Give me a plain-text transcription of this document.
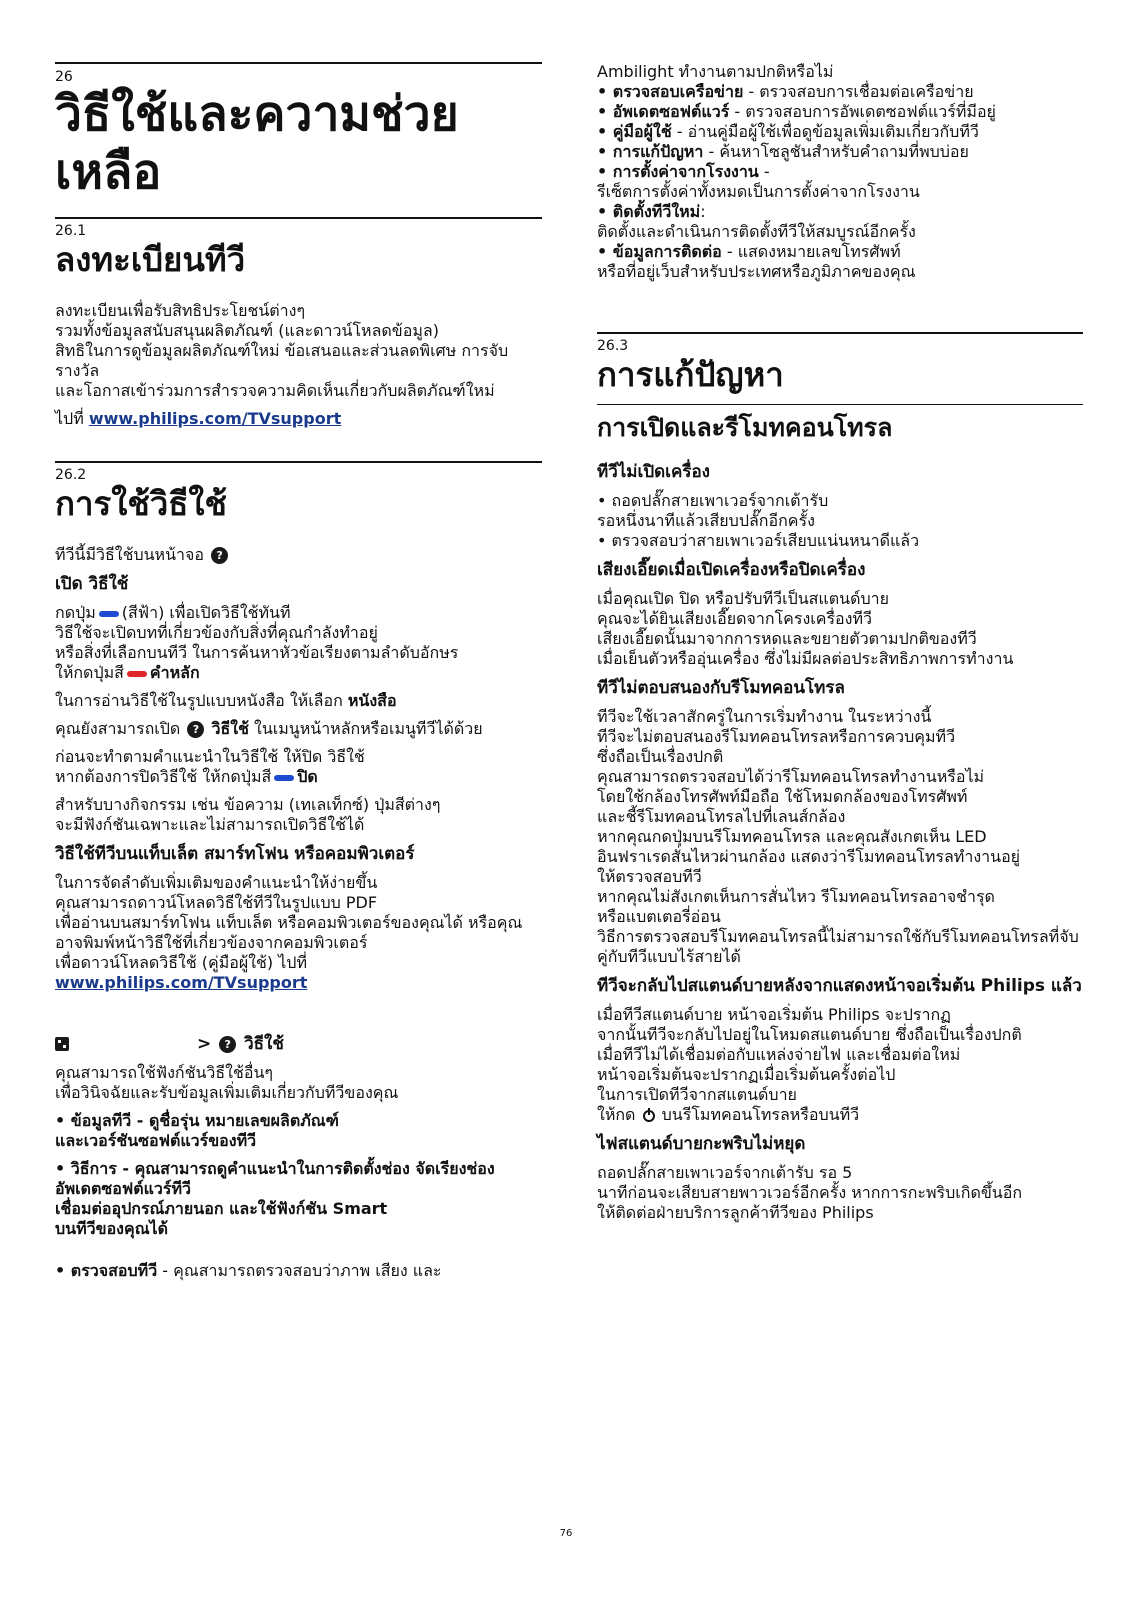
26
วิธีใช้และความช่วยเหลือ
26.1
ลงทะเบียนทีวี

ลงทะเบียนเพื่อรับสิทธิประโยชน์ต่างๆ
รวมทั้งข้อมูลสนับสนุนผลิตภัณฑ์ (และดาวน์โหลดข้อมูล)
สิทธิในการดูข้อมูลผลิตภัณฑ์ใหม่ ข้อเสนอและส่วนลดพิเศษ การจับรางวัล
และโอกาสเข้าร่วมการสำรวจความคิดเห็นเกี่ยวกับผลิตภัณฑ์ใหม่

ไปที่ www.philips.com/TVsupport

26.2
การใช้วิธีใช้

ทีวีนี้มีวิธีใช้บนหน้าจอ ?

เปิด วิธีใช้

กดปุ่ม (สีฟ้า) เพื่อเปิดวิธีใช้ทันที

วิธีใช้จะเปิดบทที่เกี่ยวข้องกับสิ่งที่คุณกำลังทำอยู่

หรือสิ่งที่เลือกบนทีวี ในการค้นหาหัวข้อเรียงตามลำดับอักษร

ให้กดปุ่มสี คำหลัก

ในการอ่านวิธีใช้ในรูปแบบหนังสือ ให้เลือก หนังสือ

คุณยังสามารถเปิด ? วิธีใช้ ในเมนูหน้าหลักหรือเมนูทีวีได้ด้วย

ก่อนจะทำตามคำแนะนำในวิธีใช้ ให้ปิด วิธีใช้

หากต้องการปิดวิธีใช้ ให้กดปุ่มสี ปิด

สำหรับบางกิจกรรม เช่น ข้อความ (เทเลเท็กซ์) ปุ่มสีต่างๆ
จะมีฟังก์ชันเฉพาะและไม่สามารถเปิดวิธีใช้ได้

วิธีใช้ทีวีบนแท็บเล็ต สมาร์ทโฟน หรือคอมพิวเตอร์

ในการจัดลำดับเพิ่มเติมของคำแนะนำให้ง่ายขึ้น
คุณสามารถดาวน์โหลดวิธีใช้ทีวีในรูปแบบ PDF
เพื่ออ่านบนสมาร์ทโฟน แท็บเล็ต หรือคอมพิวเตอร์ของคุณได้ หรือคุณอาจพิมพ์หน้าวิธีใช้ที่เกี่ยวข้องจากคอมพิวเตอร์
เพื่อดาวน์โหลดวิธีใช้ (คู่มือผู้ใช้) ไปที่

www.philips.com/TVsupport

> ? วิธีใช้

คุณสามารถใช้ฟังก์ชันวิธีใช้อื่นๆ
เพื่อวินิจฉัยและรับข้อมูลเพิ่มเติมเกี่ยวกับทีวีของคุณ

• ข้อมูลทีวี - ดูชื่อรุ่น หมายเลขผลิตภัณฑ์
และเวอร์ชันซอฟต์แวร์ของทีวี

• วิธีการ - คุณสามารถดูคำแนะนำในการติดตั้งช่อง จัดเรียงช่อง อัพเดตซอฟต์แวร์ทีวี
เชื่อมต่ออุปกรณ์ภายนอก และใช้ฟังก์ชัน Smart
บนทีวีของคุณได้

• ตรวจสอบทีวี - คุณสามารถตรวจสอบว่าภาพ เสียง และ

Ambilight ทำงานตามปกติหรือไม่

• ตรวจสอบเครือข่าย - ตรวจสอบการเชื่อมต่อเครือข่าย

• อัพเดตซอฟต์แวร์ - ตรวจสอบการอัพเดตซอฟต์แวร์ที่มีอยู่

• คู่มือผู้ใช้ - อ่านคู่มือผู้ใช้เพื่อดูข้อมูลเพิ่มเติมเกี่ยวกับทีวี

• การแก้ปัญหา - ค้นหาโซลูชันสำหรับคำถามที่พบบ่อย

• การตั้งค่าจากโรงงาน -

รีเซ็ตการตั้งค่าทั้งหมดเป็นการตั้งค่าจากโรงงาน

• ติดตั้งทีวีใหม่:

ติดตั้งและดำเนินการติดตั้งทีวีให้สมบูรณ์อีกครั้ง

• ข้อมูลการติดต่อ - แสดงหมายเลขโทรศัพท์

หรือที่อยู่เว็บสำหรับประเทศหรือภูมิภาคของคุณ

26.3
การแก้ปัญหา
การเปิดและรีโมทคอนโทรล
ทีวีไม่เปิดเครื่อง

• ถอดปลั๊กสายเพาเวอร์จากเต้ารับ
รอหนึ่งนาทีแล้วเสียบปลั๊กอีกครั้ง
• ตรวจสอบว่าสายเพาเวอร์เสียบแน่นหนาดีแล้ว

เสียงเอี๊ยดเมื่อเปิดเครื่องหรือปิดเครื่อง

เมื่อคุณเปิด ปิด หรือปรับทีวีเป็นสแตนด์บาย
คุณจะได้ยินเสียงเอี๊ยดจากโครงเครื่องทีวี
เสียงเอี๊ยดนั้นมาจากการหดและขยายตัวตามปกติของทีวี
เมื่อเย็นตัวหรืออุ่นเครื่อง ซึ่งไม่มีผลต่อประสิทธิภาพการทำงาน

ทีวีไม่ตอบสนองกับรีโมทคอนโทรล

ทีวีจะใช้เวลาสักครู่ในการเริ่มทำงาน ในระหว่างนี้
ทีวีจะไม่ตอบสนองรีโมทคอนโทรลหรือการควบคุมทีวี
ซึ่งถือเป็นเรื่องปกติ
คุณสามารถตรวจสอบได้ว่ารีโมทคอนโทรลทำงานหรือไม่
โดยใช้กล้องโทรศัพท์มือถือ ใช้โหมดกล้องของโทรศัพท์
และชี้รีโมทคอนโทรลไปที่เลนส์กล้อง
หากคุณกดปุ่มบนรีโมทคอนโทรล และคุณสังเกตเห็น LED
อินฟราเรดสั่นไหวผ่านกล้อง แสดงว่ารีโมทคอนโทรลทำงานอยู่
ให้ตรวจสอบทีวี
หากคุณไม่สังเกตเห็นการสั่นไหว รีโมทคอนโทรลอาจชำรุด
หรือแบตเตอรี่อ่อน
วิธีการตรวจสอบรีโมทคอนโทรลนี้ไม่สามารถใช้กับรีโมทคอนโทรลที่จับคู่กับทีวีแบบไร้สายได้

ทีวีจะกลับไปสแตนด์บายหลังจากแสดงหน้าจอเริ่มต้น Philips แล้ว

เมื่อทีวีสแตนด์บาย หน้าจอเริ่มต้น Philips จะปรากฏ
จากนั้นทีวีจะกลับไปอยู่ในโหมดสแตนด์บาย ซึ่งถือเป็นเรื่องปกติ
เมื่อทีวีไม่ได้เชื่อมต่อกับแหล่งจ่ายไฟ และเชื่อมต่อใหม่
หน้าจอเริ่มต้นจะปรากฏเมื่อเริ่มต้นครั้งต่อไป
ในการเปิดทีวีจากสแตนด์บาย

ให้กด บนรีโมทคอนโทรลหรือบนทีวี

ไฟสแตนด์บายกะพริบไม่หยุด

ถอดปลั๊กสายเพาเวอร์จากเต้ารับ รอ 5
นาทีก่อนจะเสียบสายพาวเวอร์อีกครั้ง หากการกะพริบเกิดขึ้นอีก
ให้ติดต่อฝ่ายบริการลูกค้าทีวีของ Philips

76
